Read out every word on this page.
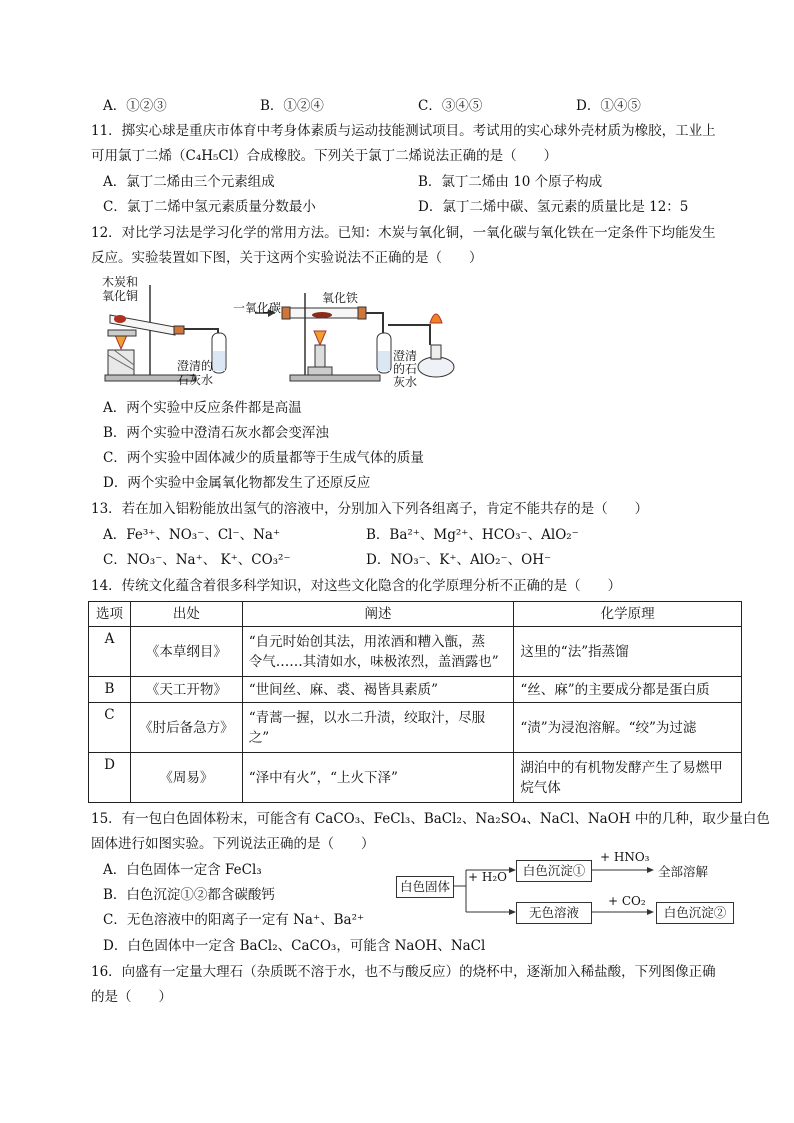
A．①②③	B．①②④	C．③④⑤	D．①④⑤
11．掷实心球是重庆市体育中考身体素质与运动技能测试项目。考试用的实心球外壳材质为橡胶，工业上
可用氯丁二烯（C₄H₅Cl）合成橡胶。下列关于氯丁二烯说法正确的是（　　）
A．氯丁二烯由三个元素组成	B．氯丁二烯由 10 个原子构成
C．氯丁二烯中氢元素质量分数最小	D．氯丁二烯中碳、氢元素的质量比是 12：5
12．对比学习法是学习化学的常用方法。已知：木炭与氧化铜，一氧化碳与氧化铁在一定条件下均能发生
反应。实验装置如下图，关于这两个实验说法不正确的是（　　）
木炭和
氧化铜
澄清的
石灰水
一氧化碳
氧化铁
澄清
的石
灰水
A．两个实验中反应条件都是高温
B．两个实验中澄清石灰水都会变浑浊
C．两个实验中固体减少的质量都等于生成气体的质量
D．两个实验中金属氧化物都发生了还原反应
13．若在加入铝粉能放出氢气的溶液中，分别加入下列各组离子，肯定不能共存的是（　　）
A．Fe³⁺、NO₃⁻、Cl⁻、Na⁺	B．Ba²⁺、Mg²⁺、HCO₃⁻、AlO₂⁻
C．NO₃⁻、Na⁺、 K⁺、CO₃²⁻	D．NO₃⁻、K⁺、AlO₂⁻、OH⁻
14．传统文化蕴含着很多科学知识，对这些文化隐含的化学原理分析不正确的是（　　）
选项	出处	阐述	化学原理
A	《本草纲目》	“自元时始创其法，用浓酒和糟入甑，蒸
令气……其清如水，味极浓烈，盖酒露也”	这里的“法”指蒸馏

B	《天工开物》	“世间丝、麻、裘、褐皆具素质”	“丝、麻”的主要成分都是蛋白质

C	《肘后备急方》	“青蒿一握，以水二升渍，绞取汁，尽服
之”	“渍”为浸泡溶解。“绞”为过滤

D	《周易》	“泽中有火”，“上火下泽”	湖泊中的有机物发酵产生了易燃甲
烷气体
15．有一包白色固体粉末，可能含有 CaCO₃、FeCl₃、BaCl₂、Na₂SO₄、NaCl、NaOH 中的几种，取少量白色
固体进行如图实验。下列说法正确的是（　　）
A．白色固体一定含 FeCl₃
B．白色沉淀①②都含碳酸钙
C．无色溶液中的阳离子一定有 Na⁺、Ba²⁺
D．白色固体中一定含 BaCl₂、CaCO₃，可能含 NaOH、NaCl
白色固体
+ H₂O	白色沉淀①
+ HNO₃
全部溶解
无色溶液
+ CO₂
白色沉淀②
16．向盛有一定量大理石（杂质既不溶于水，也不与酸反应）的烧杯中，逐渐加入稀盐酸，下列图像正确
的是（　　）
